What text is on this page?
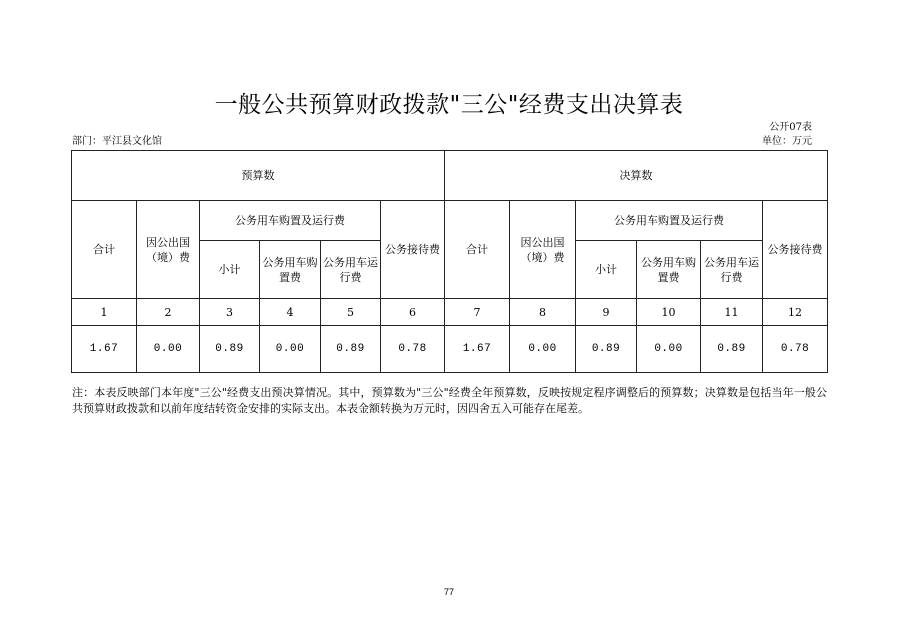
一般公共预算财政拨款"三公"经费支出决算表
公开07表
部门：平江县文化馆	单位：万元
预算数						决算数					
合计	因公出国（境）费	公务用车购置及运行费			公务接待费	合计	因公出国（境）费	公务用车购置及运行费			公务接待费
		小计	公务用车购置费	公务用车运行费				小计	公务用车购置费	公务用车运行费	
1	2	3	4	5	6	7	8	9	10	11	12
1.67	0.00	0.89	0.00	0.89	0.78	1.67	0.00	0.89	0.00	0.89	0.78
注：本表反映部门本年度"三公"经费支出预决算情况。其中，预算数为"三公"经费全年预算数，反映按规定程序调整后的预算数；决算数是包括当年一般公共预算财政拨款和以前年度结转资金安排的实际支出。本表金额转换为万元时，因四舍五入可能存在尾差。
77
